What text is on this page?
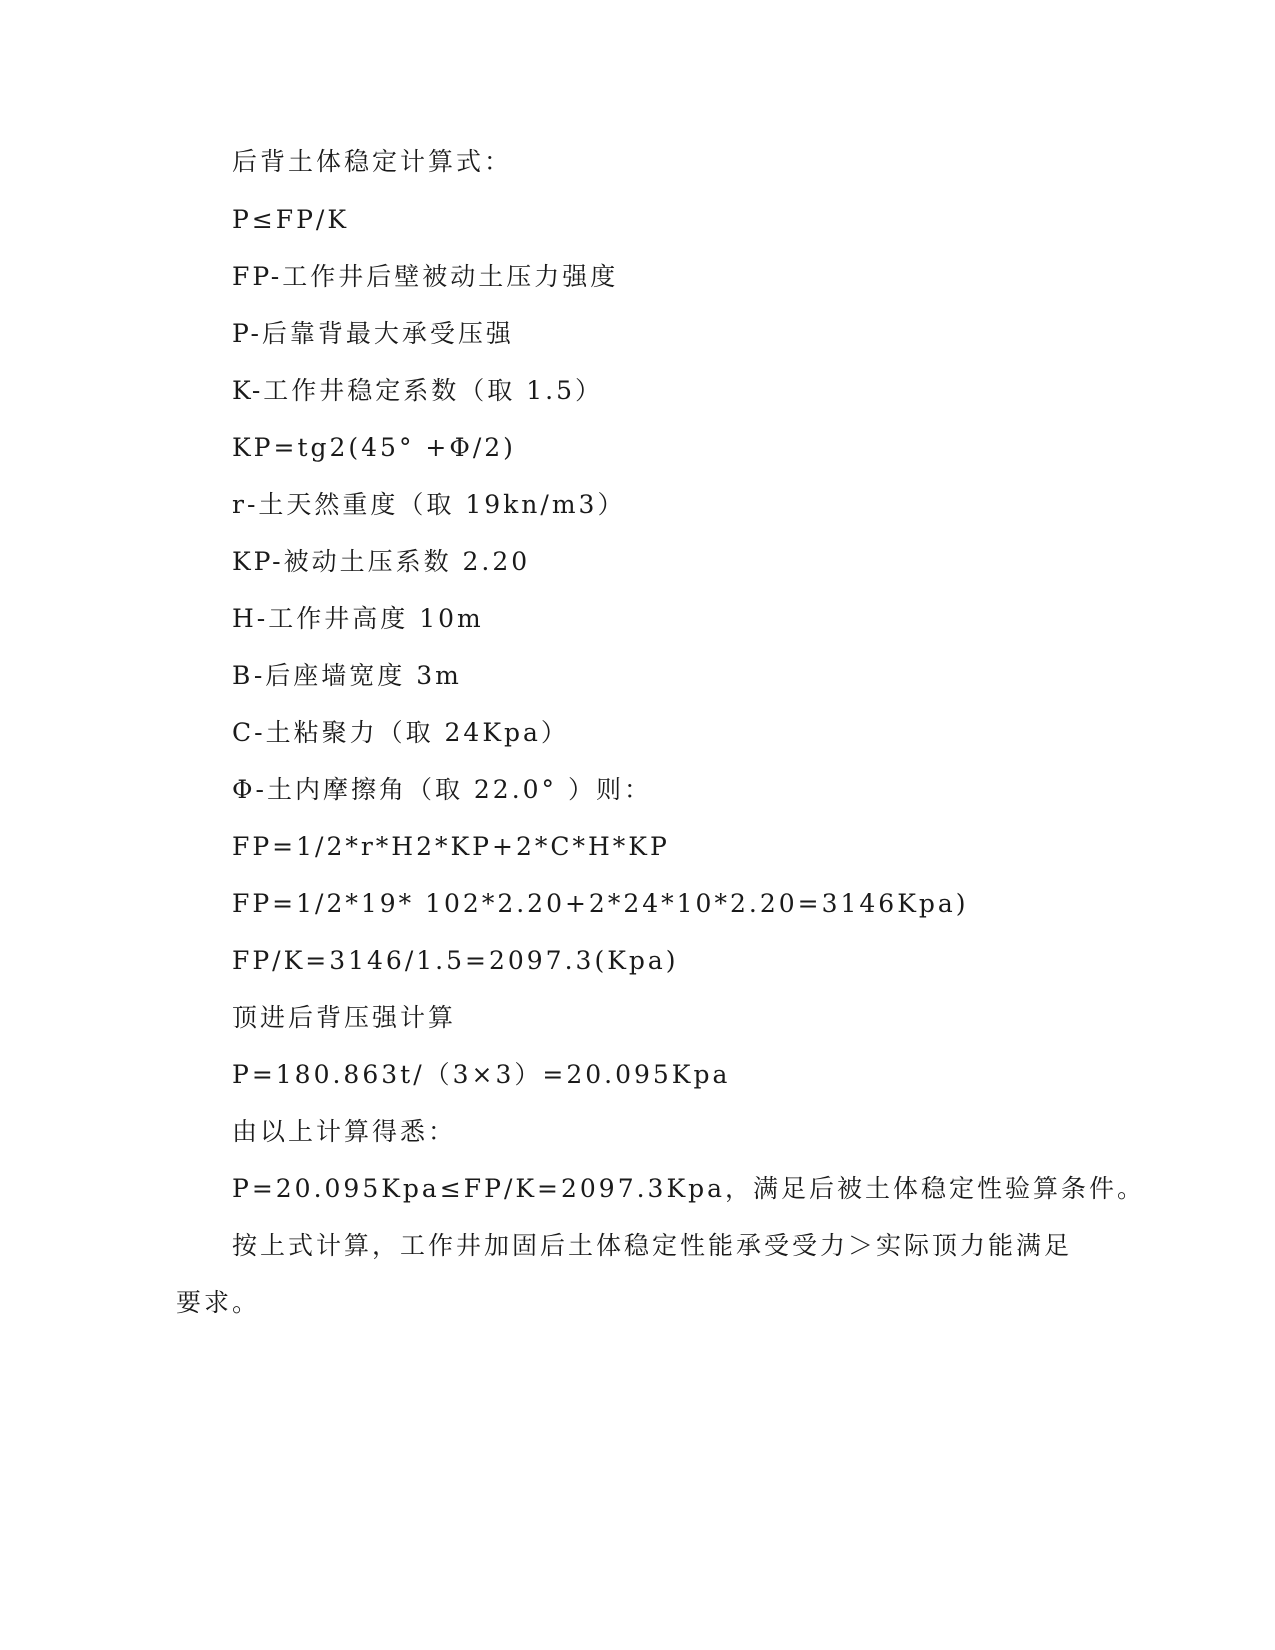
后背土体稳定计算式：
P≤FP/K
FP-工作井后壁被动土压力强度
P-后靠背最大承受压强
K-工作井稳定系数（取 1.5）
KP=tg2(45° +Φ/2)
r-土天然重度（取 19kn/m3）
KP-被动土压系数 2.20
H-工作井高度 10m
B-后座墙宽度 3m
C-土粘聚力（取 24Kpa）
Φ-土内摩擦角（取 22.0° ）则：
FP=1/2*r*H2*KP+2*C*H*KP
FP=1/2*19* 102*2.20+2*24*10*2.20=3146Kpa)
FP/K=3146/1.5=2097.3(Kpa)
顶进后背压强计算
P=180.863t/（3×3）=20.095Kpa
由以上计算得悉：
P=20.095Kpa≤FP/K=2097.3Kpa，满足后被土体稳定性验算条件。
按上式计算，工作井加固后土体稳定性能承受受力＞实际顶力能满足
要求。
